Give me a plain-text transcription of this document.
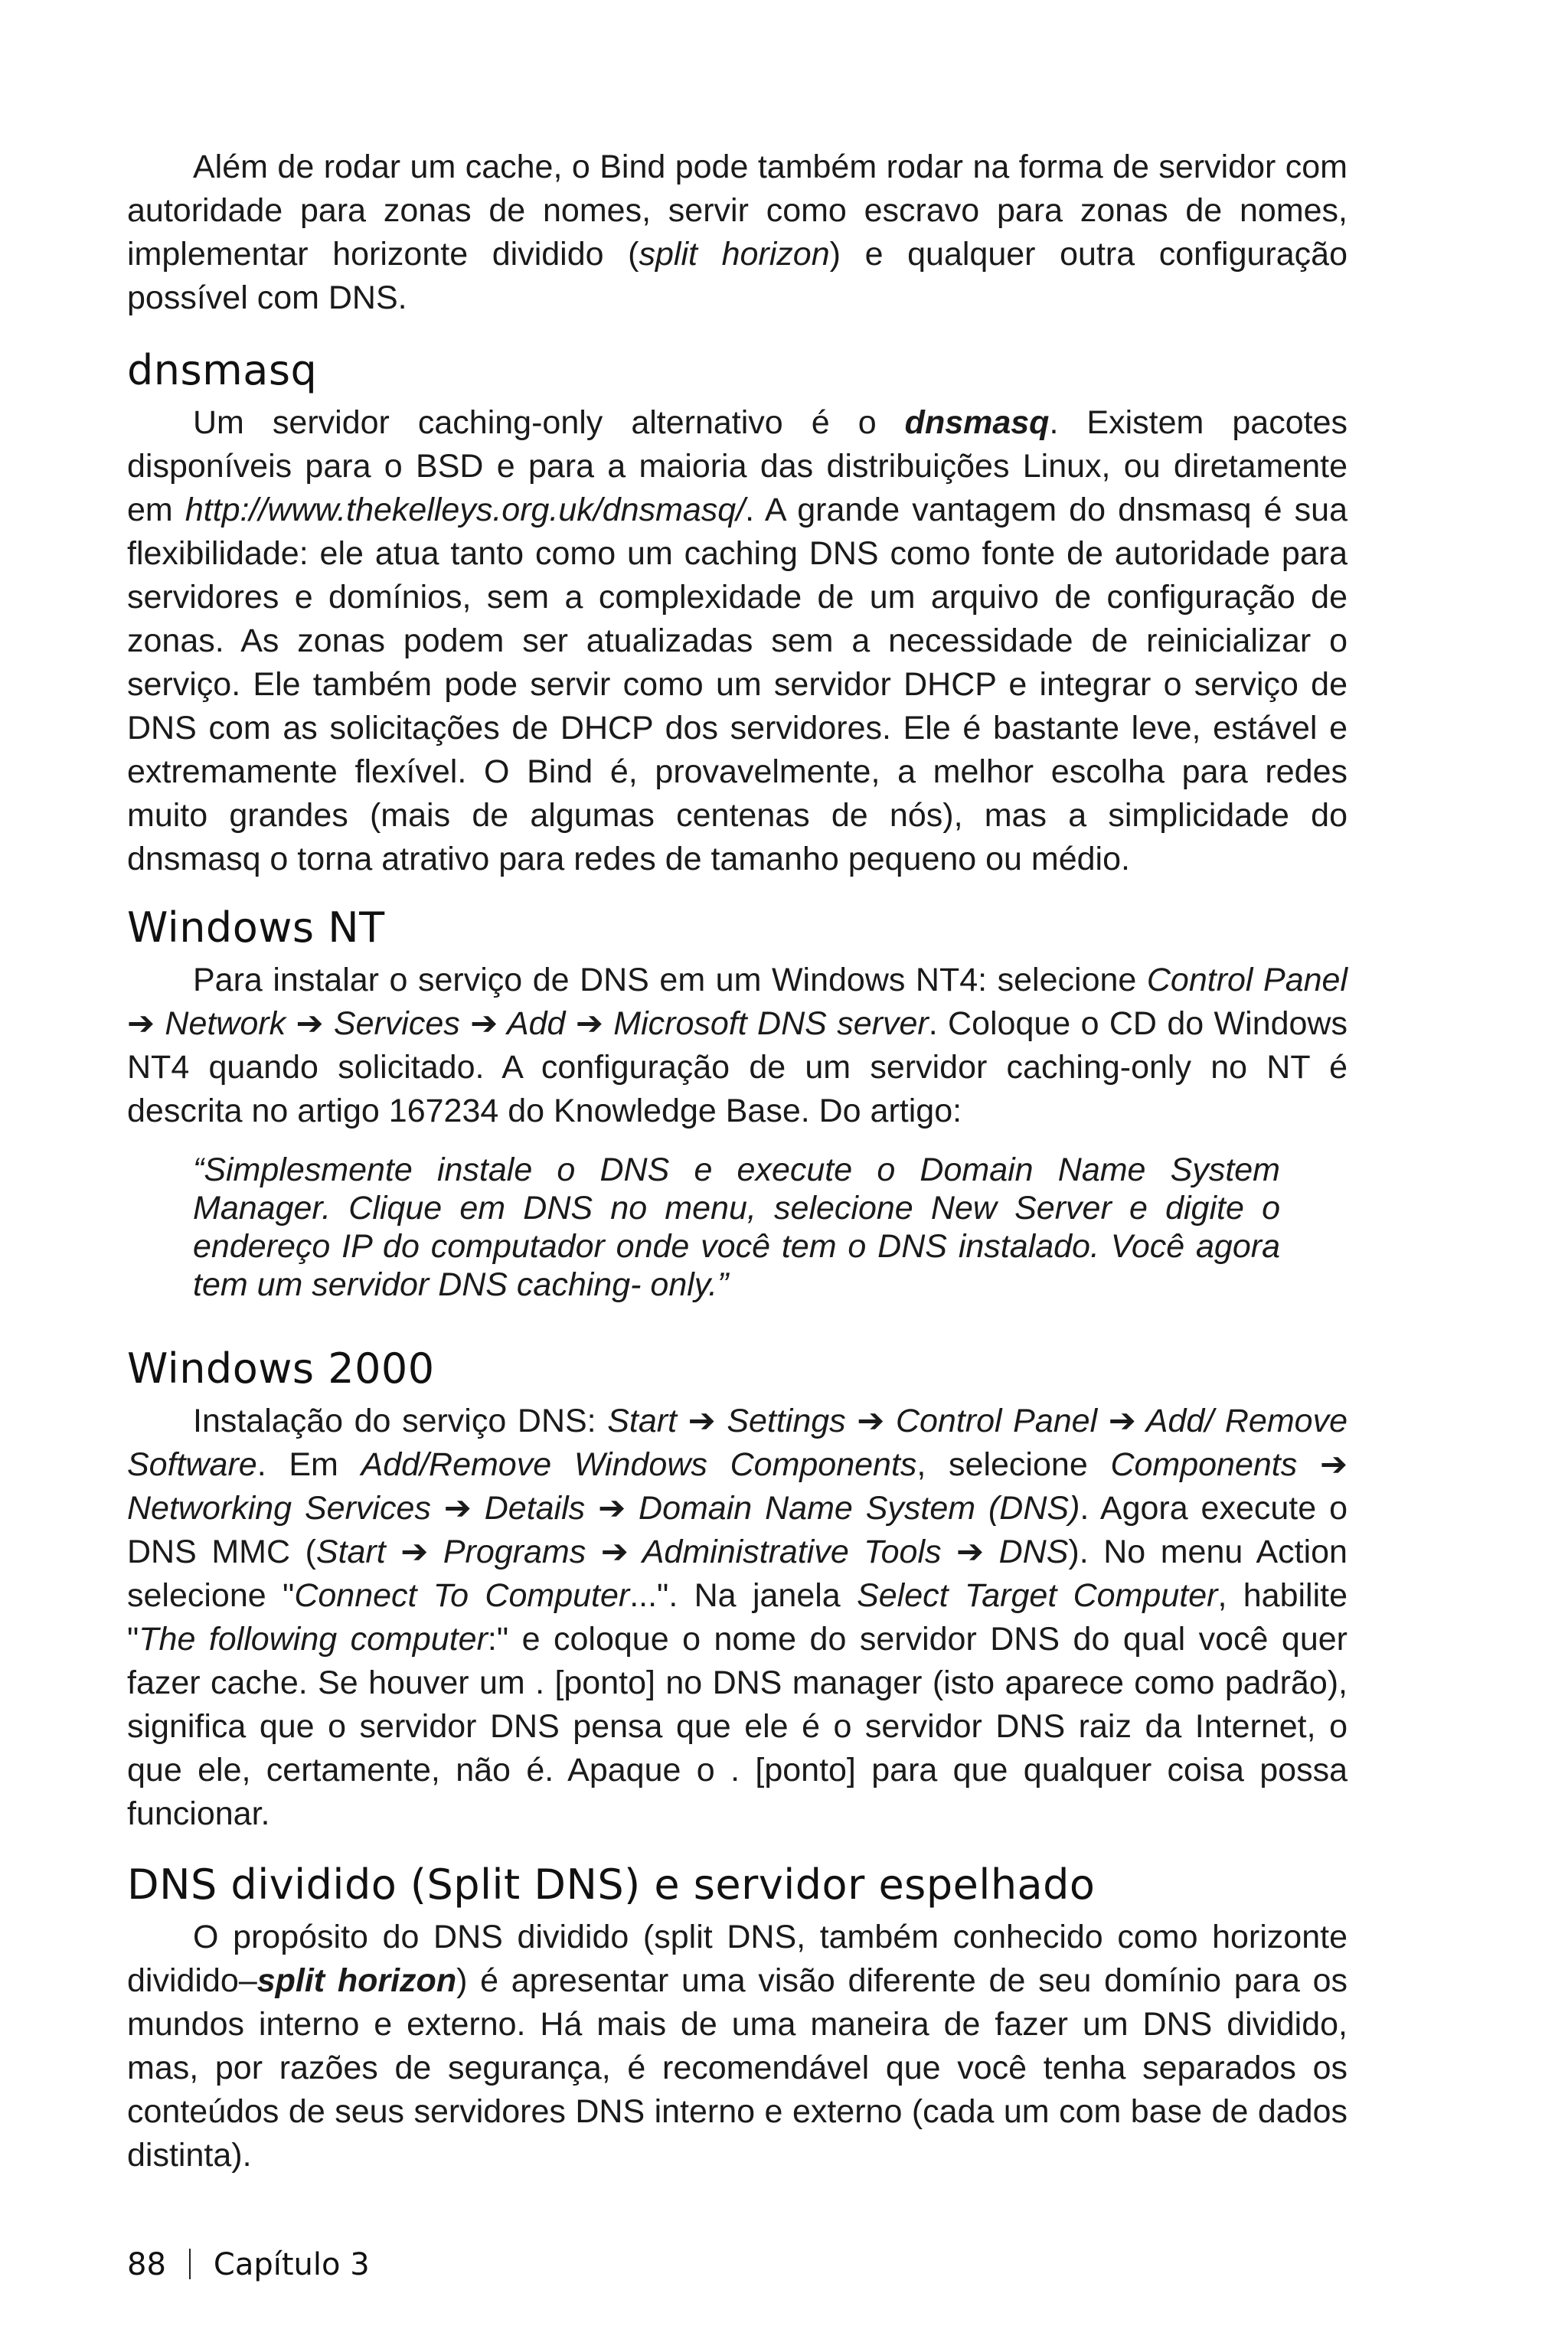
Além de rodar um cache, o Bind pode também rodar na forma de servidor com autoridade para zonas de nomes, servir como escravo para zonas de nomes, implementar horizonte dividido (split horizon) e qualquer outra configuração possível com DNS.

dnsmasq

Um servidor caching-only alternativo é o dnsmasq. Existem pacotes disponíveis para o BSD e para a maioria das distribuições Linux, ou diretamente em http://www.thekelleys.org.uk/dnsmasq/. A grande vantagem do dnsmasq é sua flexibilidade: ele atua tanto como um caching DNS como fonte de autoridade para servidores e domínios, sem a complexidade de um arquivo de configuração de zonas. As zonas podem ser atualizadas sem a necessidade de reinicializar o serviço. Ele também pode servir como um servidor DHCP e integrar o serviço de DNS com as solicitações de DHCP dos servidores. Ele é bastante leve, estável e extremamente flexível. O Bind é, provavelmente, a melhor escolha para redes muito grandes (mais de algumas centenas de nós), mas a simplicidade do dnsmasq o torna atrativo para redes de tamanho pequeno ou médio.

Windows NT

Para instalar o serviço de DNS em um Windows NT4: selecione Control Panel ➔ Network ➔ Services ➔ Add ➔ Microsoft DNS server. Coloque o CD do Windows NT4 quando solicitado. A configuração de um servidor caching-only no NT é descrita no artigo 167234 do Knowledge Base. Do artigo:

“Simplesmente instale o DNS e execute o Domain Name System Manager. Clique em DNS no menu, selecione New Server e digite o endereço IP do computador onde você tem o DNS instalado. Você agora tem um servidor DNS caching- only.”

Windows 2000

Instalação do serviço DNS: Start ➔ Settings ➔ Control Panel ➔ Add/ Remove Software. Em Add/Remove Windows Components, selecione Components ➔ Networking Services ➔ Details ➔ Domain Name System (DNS). Agora execute o DNS MMC (Start ➔ Programs ➔ Administrative Tools ➔ DNS). No menu Action selecione "Connect To Computer...". Na janela Select Target Computer, habilite "The following computer:" e coloque o nome do servidor DNS do qual você quer fazer cache. Se houver um . [ponto] no DNS manager (isto aparece como padrão), significa que o servidor DNS pensa que ele é o servidor DNS raiz da Internet, o que ele, certamente, não é. Apaque o . [ponto] para que qualquer coisa possa funcionar.

DNS dividido (Split DNS) e servidor espelhado

O propósito do DNS dividido (split DNS, também conhecido como horizonte dividido–split horizon) é apresentar uma visão diferente de seu domínio para os mundos interno e externo. Há mais de uma maneira de fazer um DNS dividido, mas, por razões de segurança, é recomendável que você tenha separados os conteúdos de seus servidores DNS interno e externo (cada um com base de dados distinta).

88 Capítulo 3
